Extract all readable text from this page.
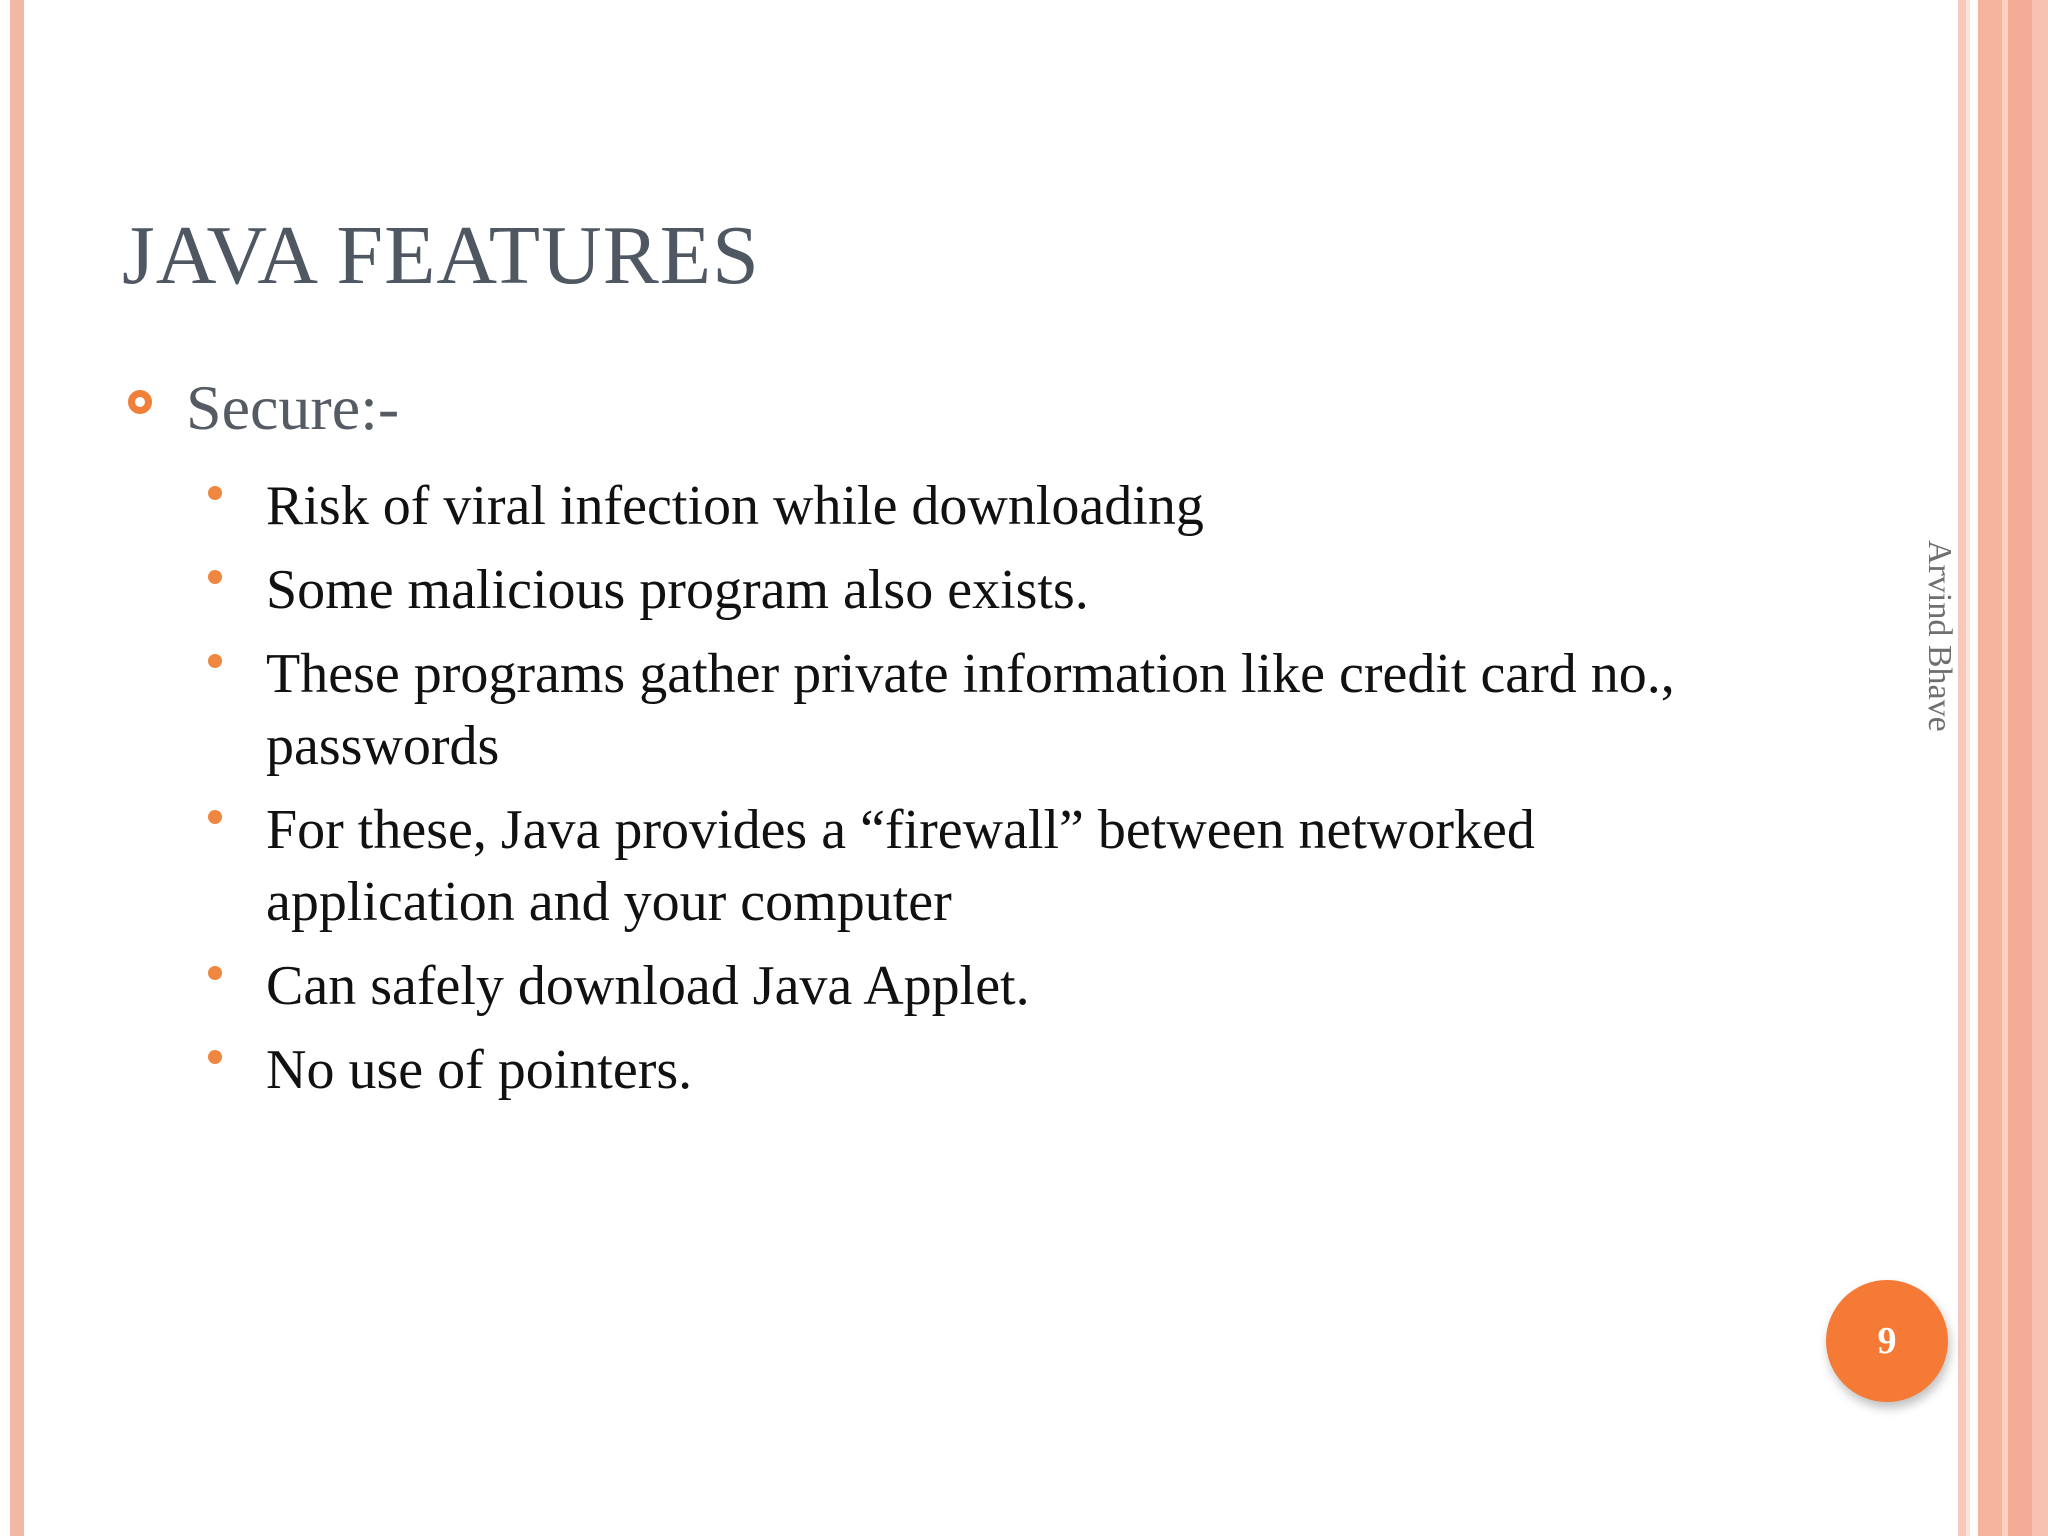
JAVA FEATURES
Secure:-
Risk of viral infection while downloading
Some malicious program also exists.
These programs gather private information like credit card no., passwords
For these, Java provides a “firewall” between networked application and your computer
Can safely download Java Applet.
No use of pointers.
Arvind Bhave
9
